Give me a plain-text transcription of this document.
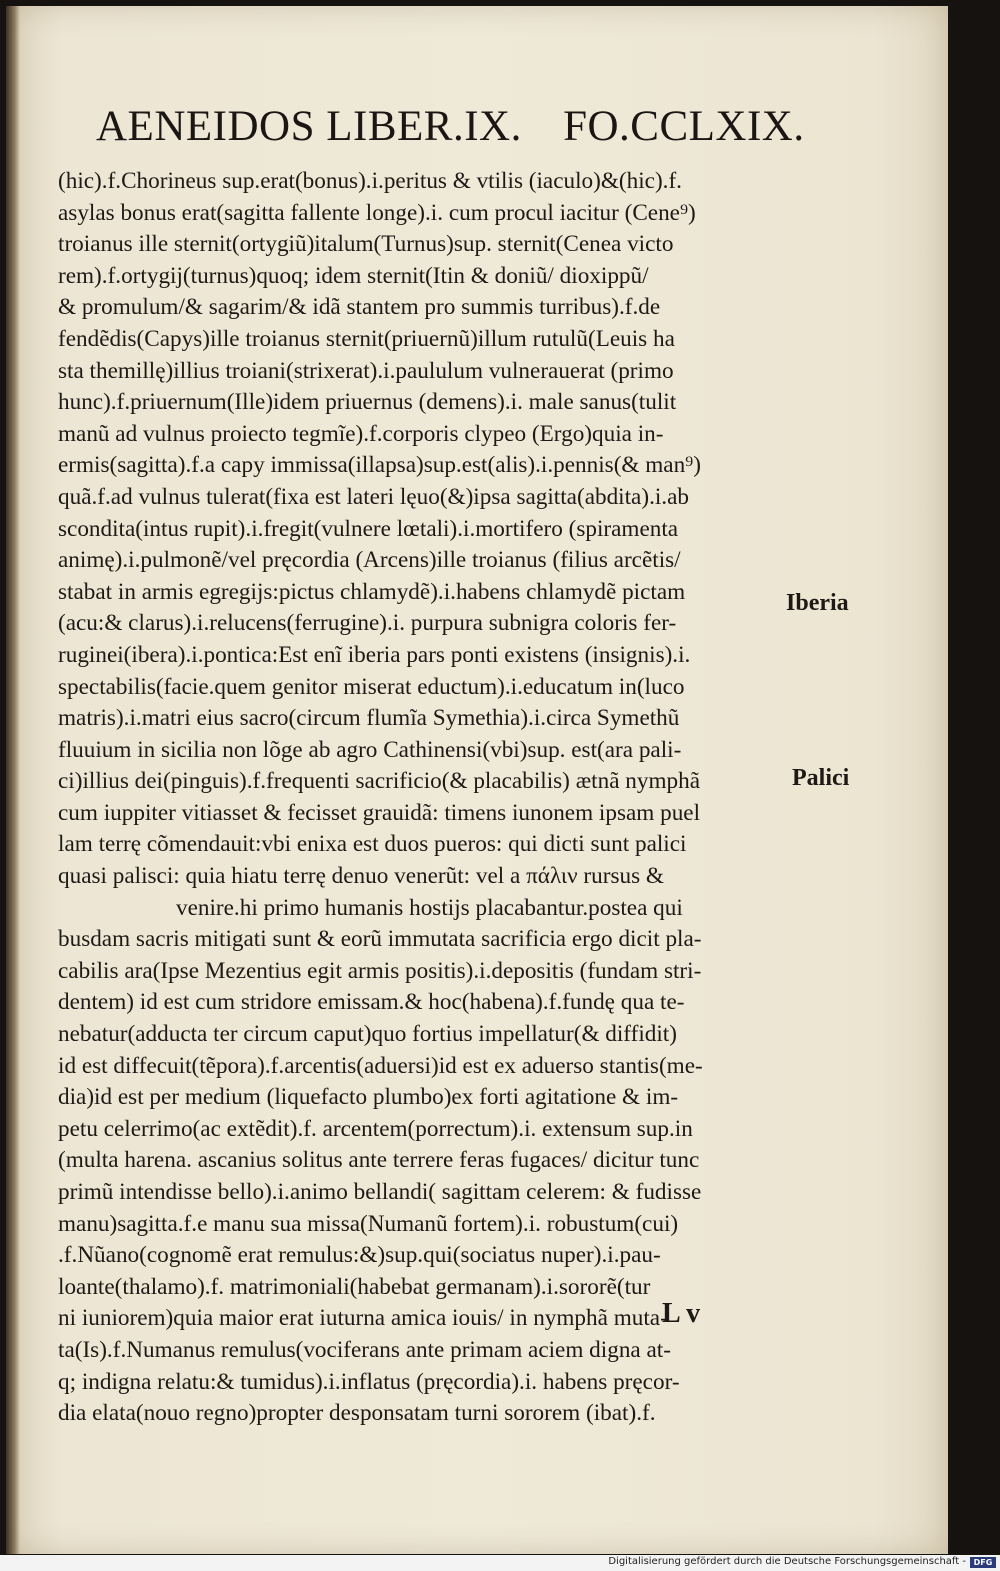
AENEIDOS LIBER.IX. FO.CCLXIX.
(hic).f.Chorineus sup.erat(bonus).i.peritus & vtilis (iaculo)&(hic).f.
asylas bonus erat(sagitta fallente longe).i. cum procul iacitur (Cene⁹)
troianus ille sternit(ortygiũ)italum(Turnus)sup. sternit(Cenea victo
rem).f.ortygij(turnus)quoq; idem sternit(Itin & doniũ/ dioxippũ/
& promulum/& sagarim/& idã stantem pro summis turribus).f.de
fendẽdis(Capys)ille troianus sternit(priuernũ)illum rutulũ(Leuis ha
sta themillę)illius troiani(strixerat).i.paululum vulnerauerat (primo
hunc).f.priuernum(Ille)idem priuernus (demens).i. male sanus(tulit
manũ ad vulnus proiecto tegmĩe).f.corporis clypeo (Ergo)quia in-
ermis(sagitta).f.a capy immissa(illapsa)sup.est(alis).i.pennis(& man⁹)
quã.f.ad vulnus tulerat(fixa est lateri lęuo(&)ipsa sagitta(abdita).i.ab
scondita(intus rupit).i.fregit(vulnere lœtali).i.mortifero (spiramenta
animę).i.pulmonẽ/vel pręcordia (Arcens)ille troianus (filius arcẽtis/
stabat in armis egregijs:pictus chlamydẽ).i.habens chlamydẽ pictam
(acu:& clarus).i.relucens(ferrugine).i. purpura subnigra coloris fer-
ruginei(ibera).i.pontica:Est enĩ iberia pars ponti existens (insignis).i.
spectabilis(facie.quem genitor miserat eductum).i.educatum in(luco
matris).i.matri eius sacro(circum flumĩa Symethia).i.circa Symethũ
fluuium in sicilia non lõge ab agro Cathinensi(vbi)sup. est(ara pali-
ci)illius dei(pinguis).f.frequenti sacrificio(& placabilis) ætnã nymphã
cum iuppiter vitiasset & fecisset grauidã: timens iunonem ipsam puel
lam terrę cõmendauit:vbi enixa est duos pueros: qui dicti sunt palici
quasi palisci: quia hiatu terrę denuo venerũt: vel a πάλιν rursus &
venire.hi primo humanis hostijs placabantur.postea qui
busdam sacris mitigati sunt & eorũ immutata sacrificia ergo dicit pla-
cabilis ara(Ipse Mezentius egit armis positis).i.depositis (fundam stri-
dentem) id est cum stridore emissam.& hoc(habena).f.fundę qua te-
nebatur(adducta ter circum caput)quo fortius impellatur(& diffidit)
id est diffecuit(tẽpora).f.arcentis(aduersi)id est ex aduerso stantis(me-
dia)id est per medium (liquefacto plumbo)ex forti agitatione & im-
petu celerrimo(ac extẽdit).f. arcentem(porrectum).i. extensum sup.in
(multa harena. ascanius solitus ante terrere feras fugaces/ dicitur tunc
primũ intendisse bello).i.animo bellandi( sagittam celerem: & fudisse
manu)sagitta.f.e manu sua missa(Numanũ fortem).i. robustum(cui)
.f.Nũano(cognomẽ erat remulus:&)sup.qui(sociatus nuper).i.pau-
loante(thalamo).f. matrimoniali(habebat germanam).i.sororẽ(tur
ni iuniorem)quia maior erat iuturna amica iouis/ in nymphã muta-
ta(Is).f.Numanus remulus(vociferans ante primam aciem digna at-
q; indigna relatu:& tumidus).i.inflatus (pręcordia).i. habens pręcor-
dia elata(nouo regno)propter desponsatam turni sororem (ibat).f.
Iberia
Palici
L v
Digitalisierung gefördert durch die Deutsche Forschungsgemeinschaft - DFG
